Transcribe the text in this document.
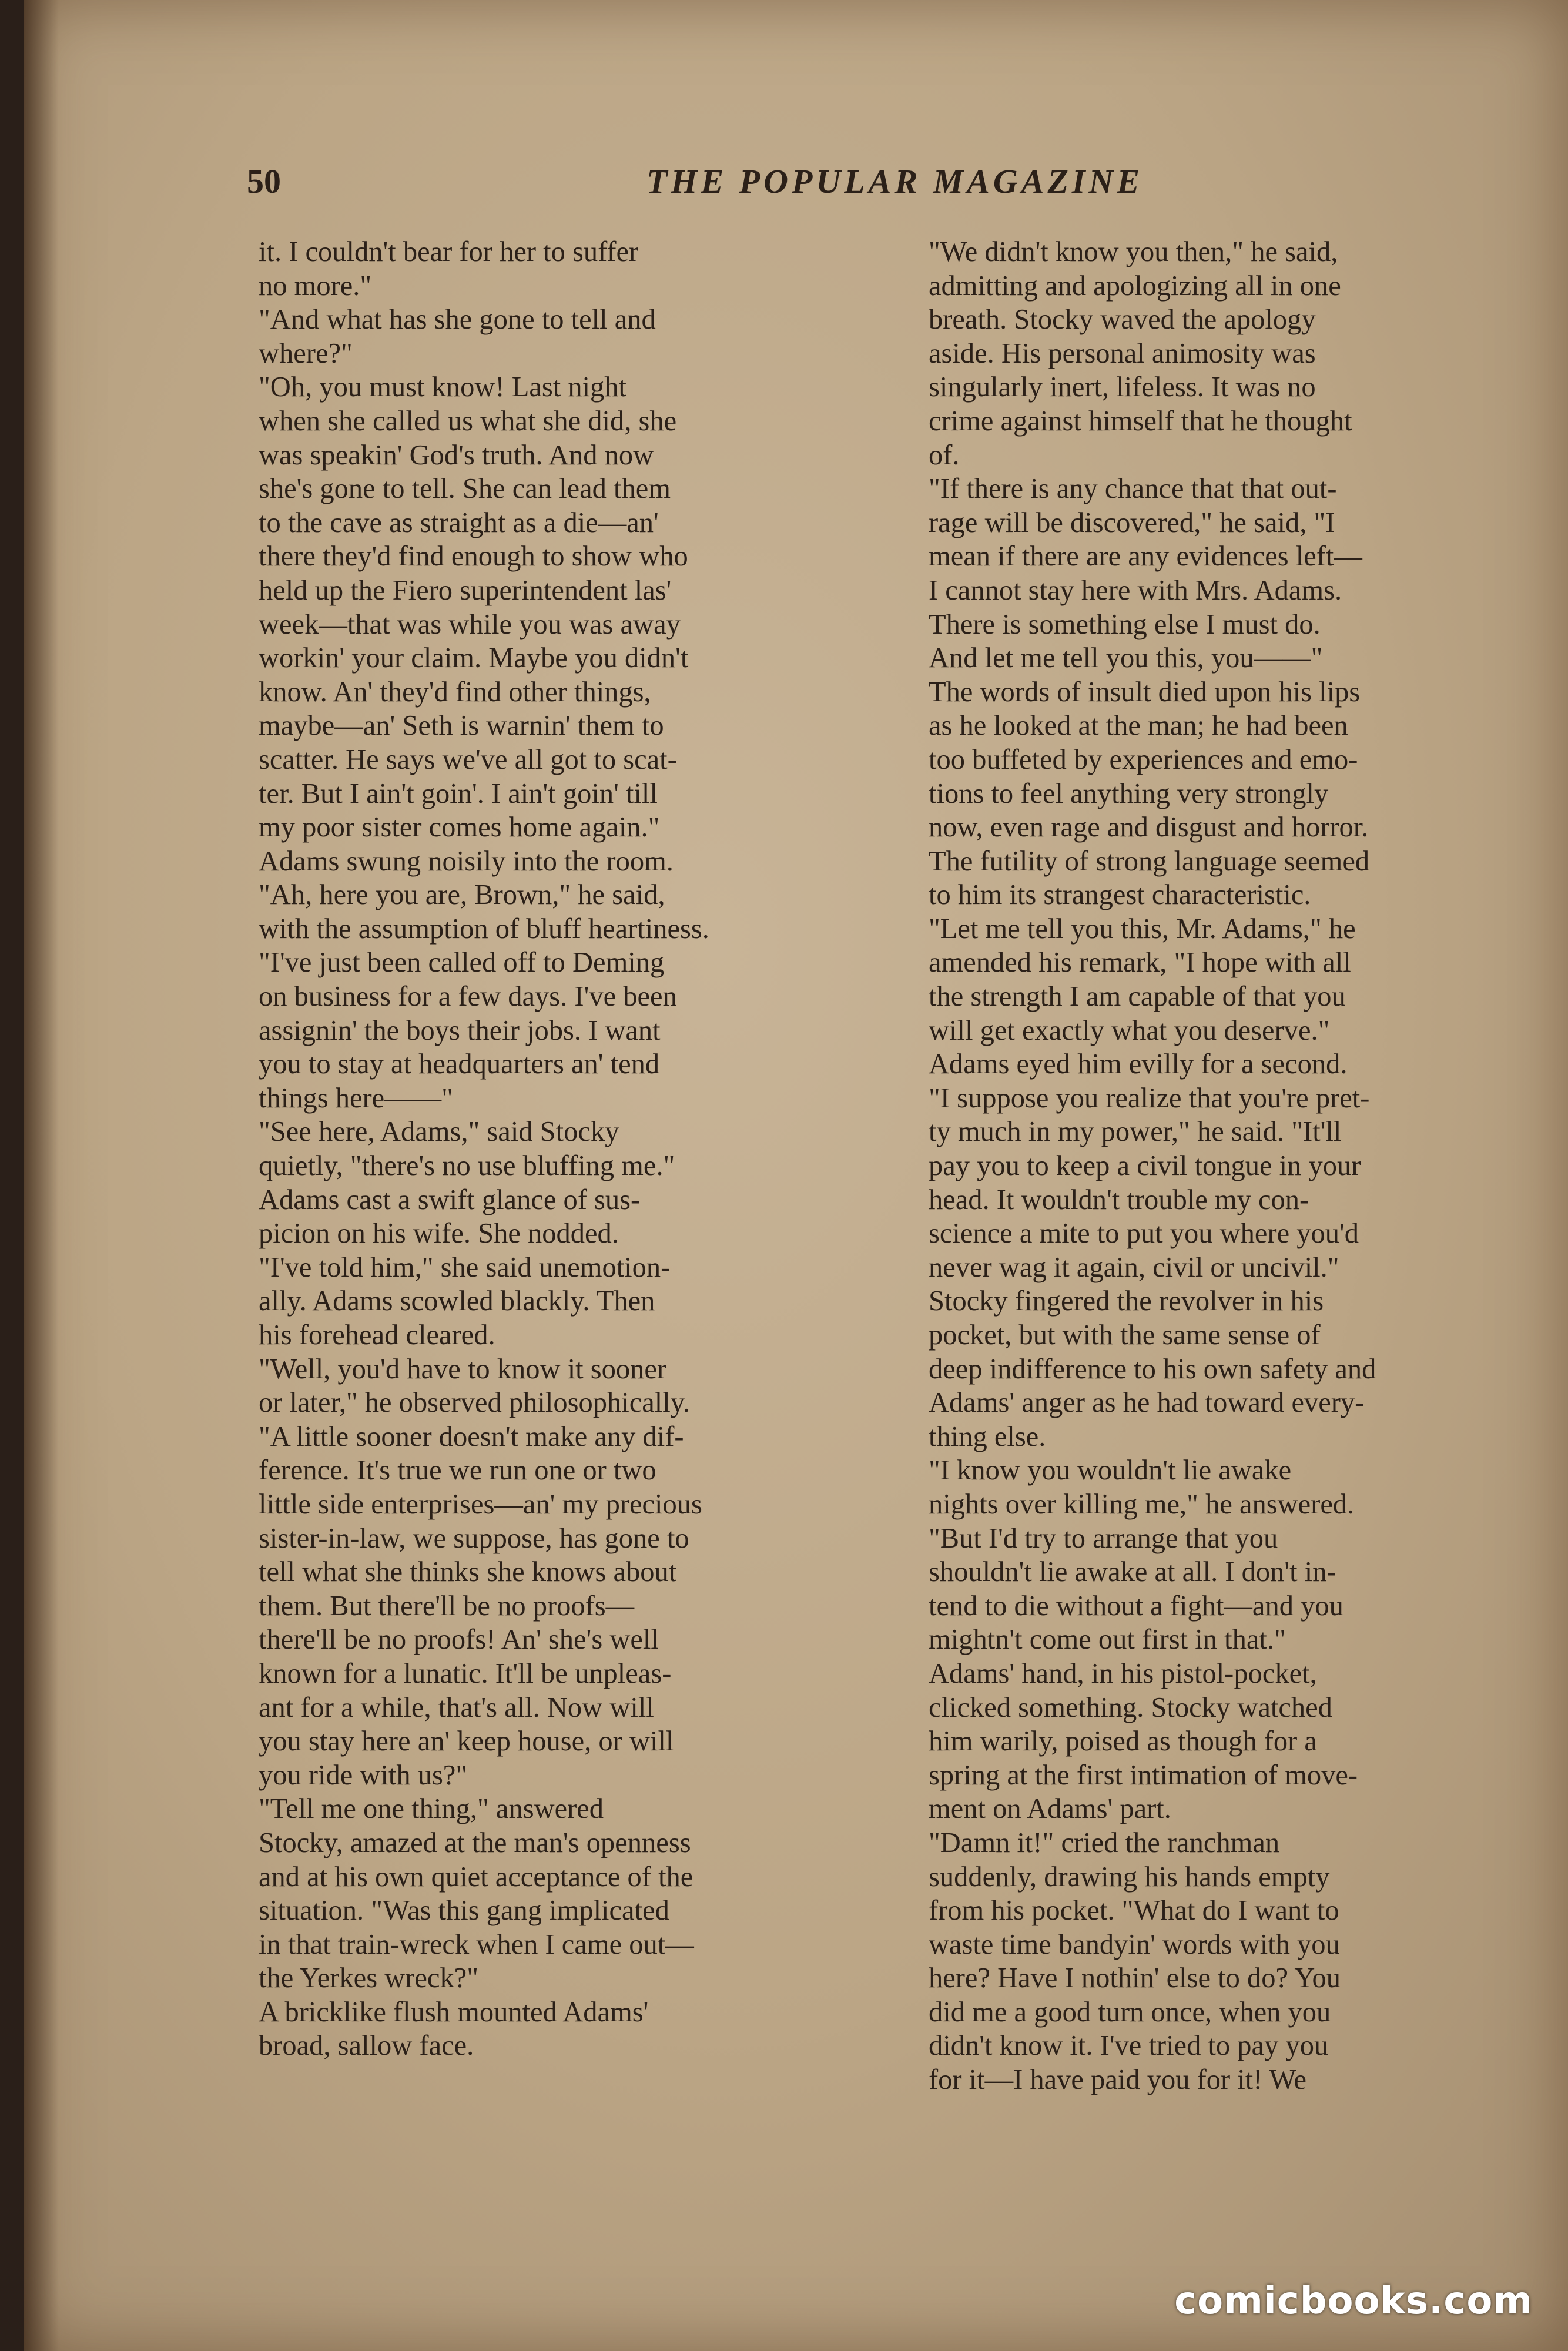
50	THE POPULAR MAGAZINE
it. I couldn't bear for her to suffer
no more."
"And what has she gone to tell and
where?"
"Oh, you must know! Last night
when she called us what she did, she
was speakin' God's truth. And now
she's gone to tell. She can lead them
to the cave as straight as a die—an'
there they'd find enough to show who
held up the Fiero superintendent las'
week—that was while you was away
workin' your claim. Maybe you didn't
know. An' they'd find other things,
maybe—an' Seth is warnin' them to
scatter. He says we've all got to scat-
ter. But I ain't goin'. I ain't goin' till
my poor sister comes home again."
Adams swung noisily into the room.
"Ah, here you are, Brown," he said,
with the assumption of bluff heartiness.
"I've just been called off to Deming
on business for a few days. I've been
assignin' the boys their jobs. I want
you to stay at headquarters an' tend
things here——"
"See here, Adams," said Stocky
quietly, "there's no use bluffing me."
Adams cast a swift glance of sus-
picion on his wife. She nodded.
"I've told him," she said unemotion-
ally. Adams scowled blackly. Then
his forehead cleared.
"Well, you'd have to know it sooner
or later," he observed philosophically.
"A little sooner doesn't make any dif-
ference. It's true we run one or two
little side enterprises—an' my precious
sister-in-law, we suppose, has gone to
tell what she thinks she knows about
them. But there'll be no proofs—
there'll be no proofs! An' she's well
known for a lunatic. It'll be unpleas-
ant for a while, that's all. Now will
you stay here an' keep house, or will
you ride with us?"
"Tell me one thing," answered
Stocky, amazed at the man's openness
and at his own quiet acceptance of the
situation. "Was this gang implicated
in that train-wreck when I came out—
the Yerkes wreck?"
A bricklike flush mounted Adams'
broad, sallow face.
"We didn't know you then," he said,
admitting and apologizing all in one
breath. Stocky waved the apology
aside. His personal animosity was
singularly inert, lifeless. It was no
crime against himself that he thought
of.
"If there is any chance that that out-
rage will be discovered," he said, "I
mean if there are any evidences left—
I cannot stay here with Mrs. Adams.
There is something else I must do.
And let me tell you this, you——"
The words of insult died upon his lips
as he looked at the man; he had been
too buffeted by experiences and emo-
tions to feel anything very strongly
now, even rage and disgust and horror.
The futility of strong language seemed
to him its strangest characteristic.
"Let me tell you this, Mr. Adams," he
amended his remark, "I hope with all
the strength I am capable of that you
will get exactly what you deserve."
Adams eyed him evilly for a second.
"I suppose you realize that you're pret-
ty much in my power," he said. "It'll
pay you to keep a civil tongue in your
head. It wouldn't trouble my con-
science a mite to put you where you'd
never wag it again, civil or uncivil."
Stocky fingered the revolver in his
pocket, but with the same sense of
deep indifference to his own safety and
Adams' anger as he had toward every-
thing else.
"I know you wouldn't lie awake
nights over killing me," he answered.
"But I'd try to arrange that you
shouldn't lie awake at all. I don't in-
tend to die without a fight—and you
mightn't come out first in that."
Adams' hand, in his pistol-pocket,
clicked something. Stocky watched
him warily, poised as though for a
spring at the first intimation of move-
ment on Adams' part.
"Damn it!" cried the ranchman
suddenly, drawing his hands empty
from his pocket. "What do I want to
waste time bandyin' words with you
here? Have I nothin' else to do? You
did me a good turn once, when you
didn't know it. I've tried to pay you
for it—I have paid you for it! We
comicbooks.com
